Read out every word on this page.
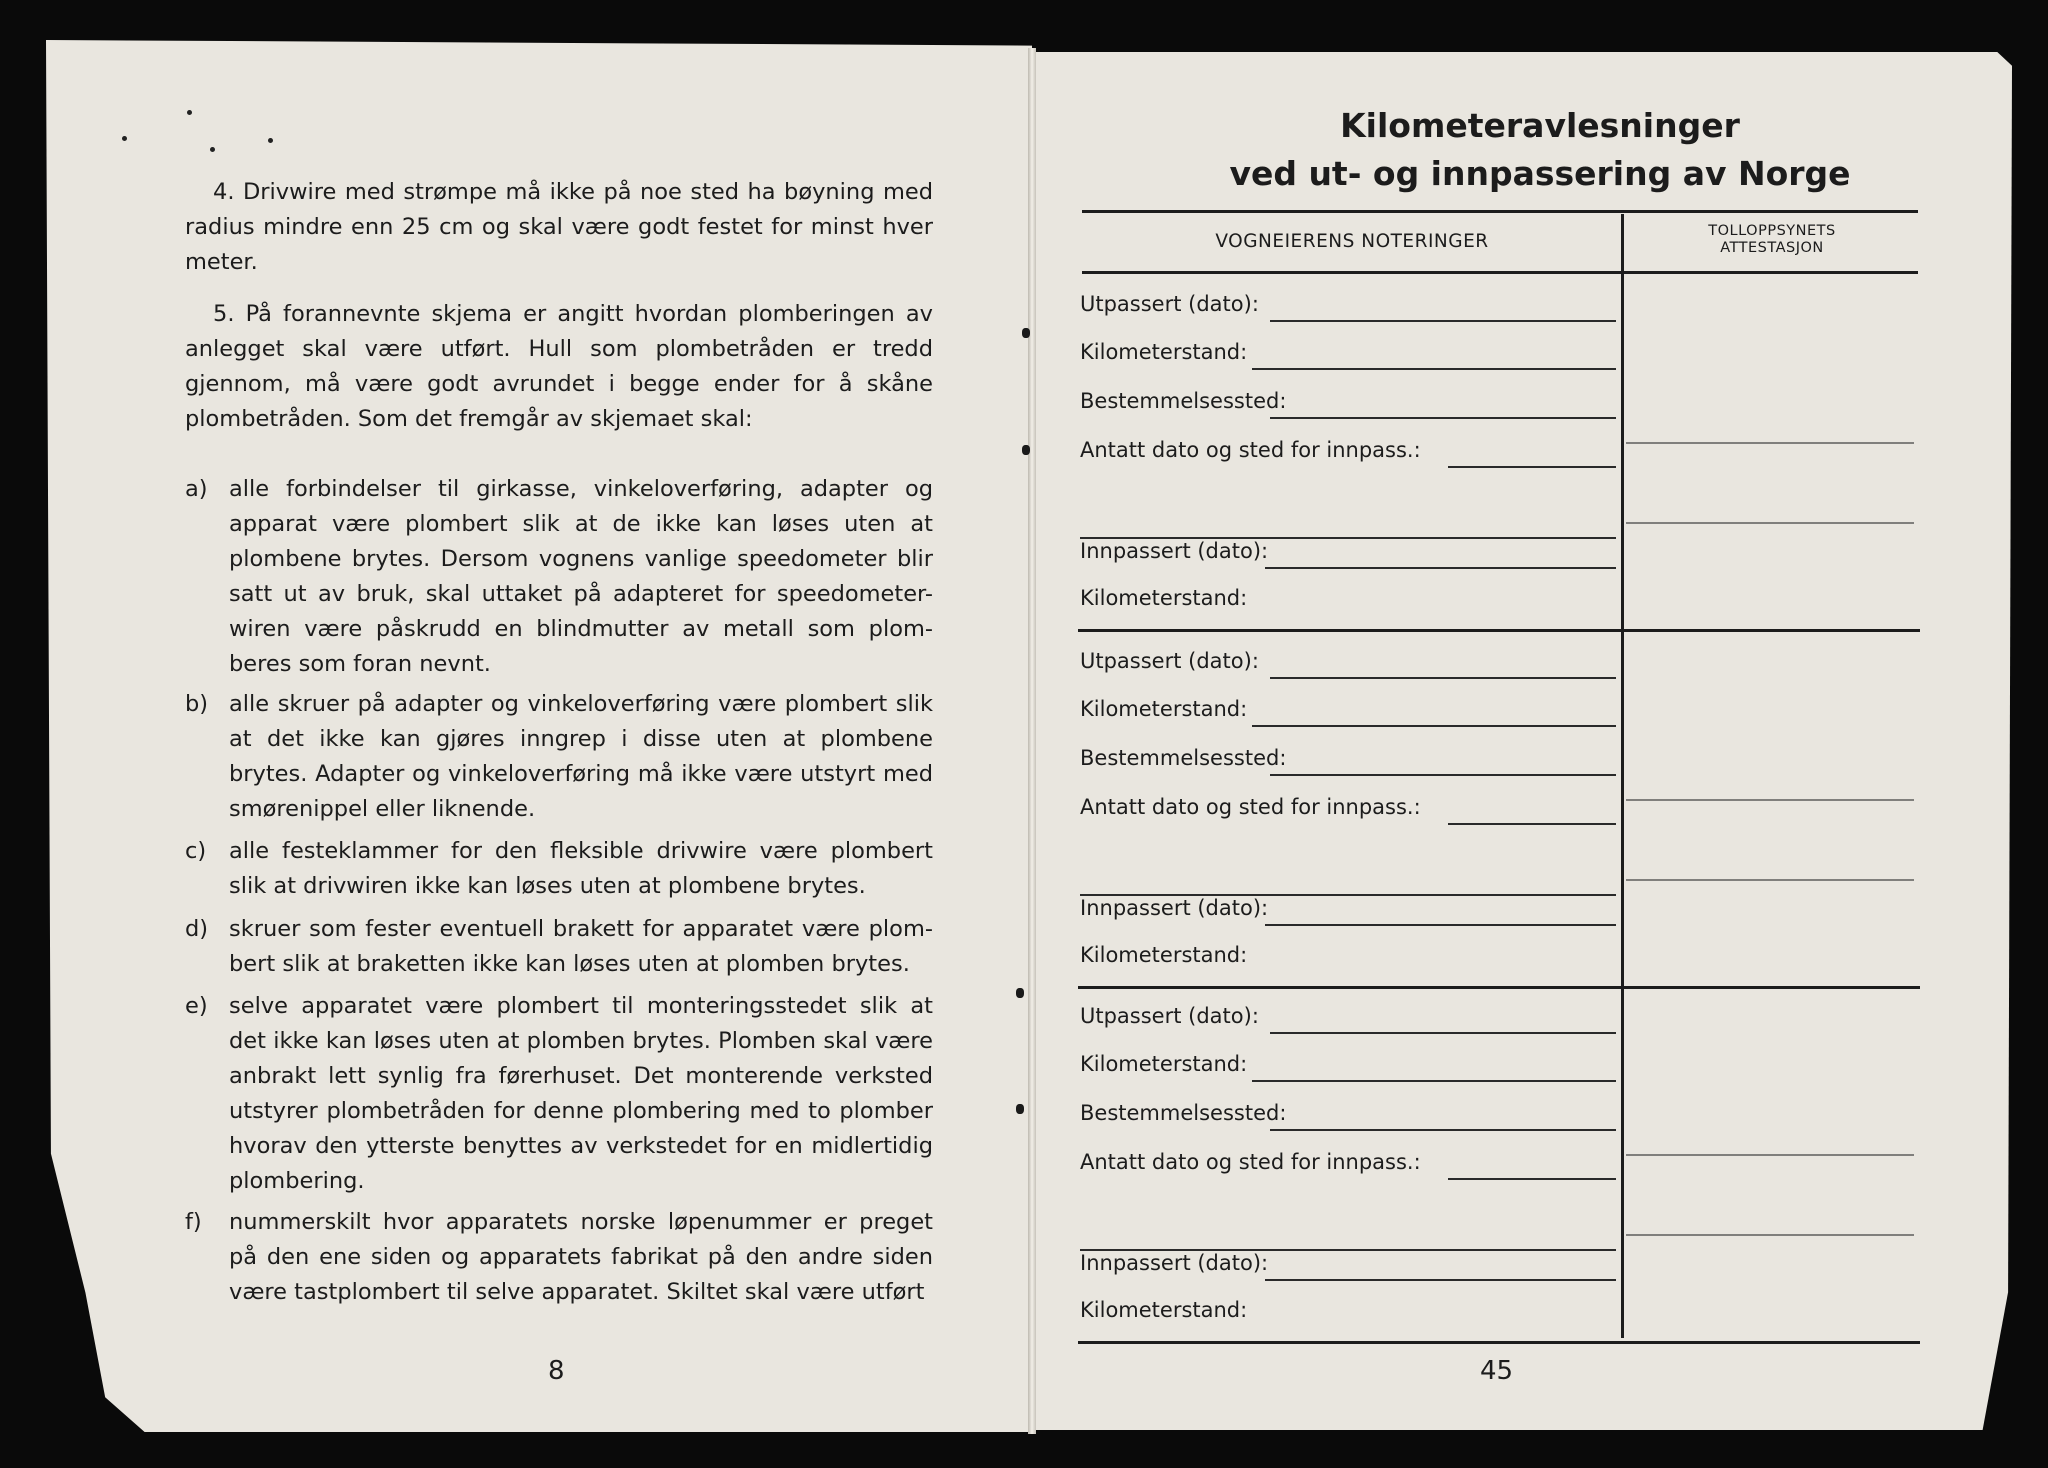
4. Drivwire med strømpe må ikke på noe sted ha bøyning med radius mindre enn 25 cm og skal være godt festet for minst hver meter.

5. På forannevnte skjema er angitt hvordan plomberingen av anlegget skal være utført. Hull som plombetråden er tredd gjennom, må være godt avrundet i begge ender for å skåne plombetråden. Som det fremgår av skjemaet skal:

a) alle forbindelser til girkasse, vinkeloverføring, adapter og apparat være plombert slik at de ikke kan løses uten at plombene brytes. Dersom vognens vanlige speedometer blir satt ut av bruk, skal uttaket på adapteret for speedometer-wiren være påskrudd en blindmutter av metall som plom-beres som foran nevnt.
b) alle skruer på adapter og vinkeloverføring være plombert slik at det ikke kan gjøres inngrep i disse uten at plombene brytes. Adapter og vinkeloverføring må ikke være utstyrt med smørenippel eller liknende.
c) alle festeklammer for den fleksible drivwire være plombert slik at drivwiren ikke kan løses uten at plombene brytes.
d) skruer som fester eventuell brakett for apparatet være plom-bert slik at braketten ikke kan løses uten at plomben brytes.
e) selve apparatet være plombert til monteringsstedet slik at det ikke kan løses uten at plomben brytes. Plomben skal være anbrakt lett synlig fra førerhuset. Det monterende verksted utstyrer plombetråden for denne plombering med to plomber hvorav den ytterste benyttes av verkstedet for en midlertidig plombering.
f) nummerskilt hvor apparatets norske løpenummer er preget på den ene siden og apparatets fabrikat på den andre siden være tastplombert til selve apparatet. Skiltet skal være utført
8
Kilometeravlesninger
ved ut- og innpassering av Norge
VOGNEIERENS NOTERINGER	TOLLOPPSYNETS
ATTESTASJON
Utpassert (dato):
Kilometerstand:
Bestemmelsessted:
Antatt dato og sted for innpass.:
Innpassert (dato):
Kilometerstand:
Utpassert (dato):
Kilometerstand:
Bestemmelsessted:
Antatt dato og sted for innpass.:
Innpassert (dato):
Kilometerstand:
Utpassert (dato):
Kilometerstand:
Bestemmelsessted:
Antatt dato og sted for innpass.:
Innpassert (dato):
Kilometerstand:
45
